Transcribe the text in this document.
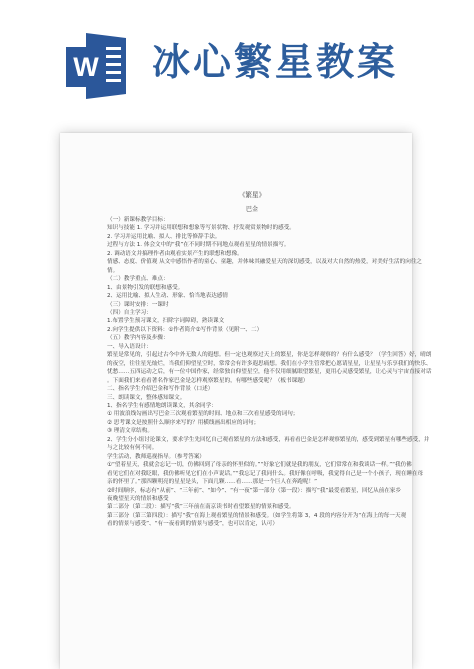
W 冰心繁星教案
《繁星》
巴金
（一）新课标教学目标：
知识与技能 1. 学习并运用联想和想象等写景状物、抒发观赏景物时的感受。
2. 学习并运用比喻、拟人、排比等修辞手法。
过程与方法 1. 体会文中的“我”在不同时期不同地点观看星星的情景描写。
2. 调动语文并搞理作者由观看实景产生的联想和想像。
情感、态度、价值观 从文中感悟作者的童心、童趣，并体味其融爱星天的深切感受，以及对大自然的热爱，对美好生活的向往之
情。
（二）教学重点、难点：
1、由景物引发的联想和感受。
2、运用比喻、拟人生动、形象、恰当地表达感情
（三）课时安排：一课时
（四）自主学习：
1.布置学生预习课文，扫除字词障碍，熟读课文
2.向学生提供以下资料：①作者简介②写作背景（见附一、二）
（五）教学内容及步骤：
一、导入语设计：
繁星是常见的，引起过古今中外无数人的遐想。但一定也观察过天上的繁星，你是怎样观察的？有什么感受？（学生回答）好，晴朗
的夜空，往往星光灿烂，当我们仰望星空时，常常会有许多遐思痛想。我们在小学生管常把心愿请星星，让星星与乐享我们的快乐、
忧愁……五四运动之后，有一位中国作家，经常独自仰望星空，他不仅用细腻眼望繁星，更用心灵感受繁星，让心灵与宇宙直接对话
。下面我们来看看著名作家巴金是怎样观察繁星的，有哪些感受呢？（板书课题）
二、指名学生介绍巴金和写作背景（口述）
三、朗读课文，整体感知课文。
1、指名学生有感情地朗读课文，其余同学：
① 用波浪线勾画出写巴金三次观看繁星的时间、地点和三次看星感受的词句；
② 思考课文是按照什么顺序来写的？用横线画出相应的词句；
③ 理清文章结构。
2、学生分小组讨论课文，要求学生先回忆自己观看繁星的方法和感受，再看看巴金是怎样观察繁星的，感受到繁星有哪些感受，并
与之比较有何不同。
学生活动，教师巡视指导。（参考答案）
①“望着星天，我就会忘记一切，仿佛回到了母亲的怀里似的。”“好象它们就是我的朋友，它们常常在和我谈话一样。”“我仿佛
看见它们在对我眨眼，我仿佛听见它们在小声说话。”“我忘记了我同什么。我好像在呼吸，我觉得自己是一个小孩子，现在睡在母
亲的怀里了。”那四颗明亮的星星是头，下面几颗……看……那是一个巨人在奔跑呢！”
②时间顺序，标志有“从前”、“三年前”、“如今”、“有一夜”第一部分（第一段）：描写“我”最爱看繁星，回忆从前在家乡
夜晚望星天的情景和感受
第二部分（第二段）：描写“我”三年前在南京读书时看望繁星的情景和感受。
第三部分（第三第四段）：描写“我”在海上观看繁星的情景和感受。（如学生将第 3，4 段的内容分开为“在海上的每一天观
看的情景与感受”、“有一夜看到的情景与感受”，也可以肯定，认可）
